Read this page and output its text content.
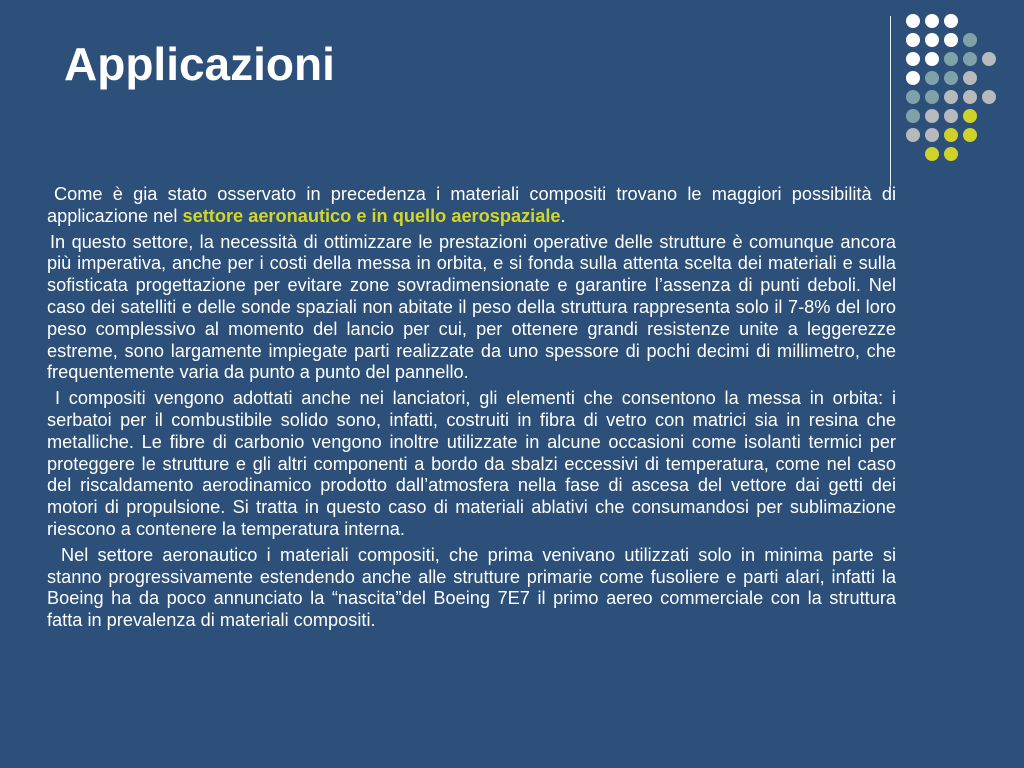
Applicazioni

Come è gia stato osservato in precedenza i materiali compositi trovano le maggiori possibilità di applicazione nel settore aeronautico e in quello aerospaziale.

In questo settore, la necessità di ottimizzare le prestazioni operative delle strutture è comunque ancora più imperativa, anche per i costi della messa in orbita, e si fonda sulla attenta scelta dei materiali e sulla sofisticata progettazione per evitare zone sovradimensionate e garantire l’assenza di punti deboli. Nel caso dei satelliti e delle sonde spaziali non abitate il peso della struttura rappresenta solo il 7-8% del loro peso complessivo al momento del lancio per cui, per ottenere grandi resistenze unite a leggerezze estreme, sono largamente impiegate parti realizzate da uno spessore di pochi decimi di millimetro, che frequentemente varia da punto a punto del pannello.

I compositi vengono adottati anche nei lanciatori, gli elementi che consentono la messa in orbita: i serbatoi per il combustibile solido sono, infatti, costruiti in fibra di vetro con matrici sia in resina che metalliche. Le fibre di carbonio vengono inoltre utilizzate in alcune occasioni come isolanti termici per proteggere le strutture e gli altri componenti a bordo da sbalzi eccessivi di temperatura, come nel caso del riscaldamento aerodinamico prodotto dall’atmosfera nella fase di ascesa del vettore dai getti dei motori di propulsione. Si tratta in questo caso di materiali ablativi che consumandosi per sublimazione riescono a contenere la temperatura interna.

Nel settore aeronautico i materiali compositi, che prima venivano utilizzati solo in minima parte si stanno progressivamente estendendo anche alle strutture primarie come fusoliere e parti alari, infatti la Boeing ha da poco annunciato la “nascita”del Boeing 7E7 il primo aereo commerciale con la struttura fatta in prevalenza di materiali compositi.
